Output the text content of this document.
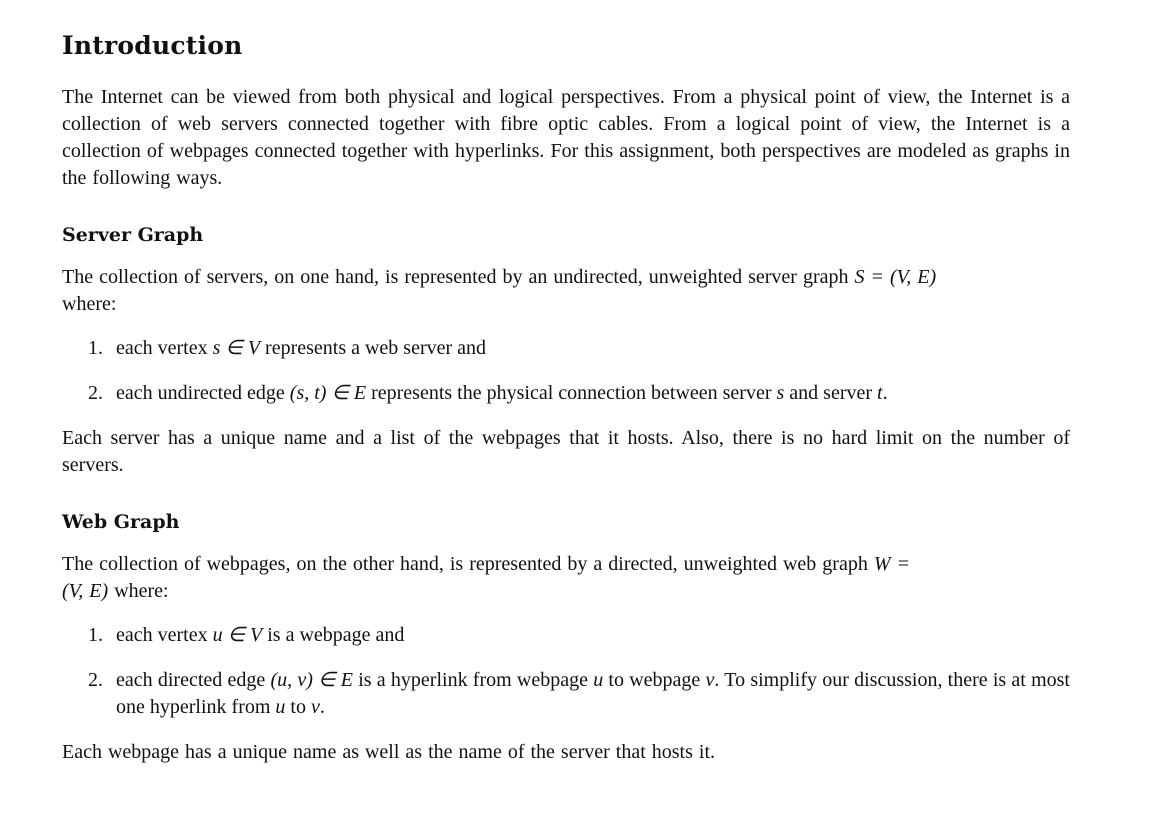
Introduction

The Internet can be viewed from both physical and logical perspectives. From a physical point of view, the Internet is a collection of web servers connected together with fibre optic cables. From a logical point of view, the Internet is a collection of webpages connected together with hyperlinks. For this assignment, both perspectives are modeled as graphs in the following ways.

Server Graph

The collection of servers, on one hand, is represented by an undirected, unweighted server graph S = (V, E)
where:

1. each vertex s ∈ V represents a web server and
2. each undirected edge (s, t) ∈ E represents the physical connection between server s and server t.

Each server has a unique name and a list of the webpages that it hosts. Also, there is no hard limit on the number of servers.

Web Graph

The collection of webpages, on the other hand, is represented by a directed, unweighted web graph W =
(V, E) where:

1. each vertex u ∈ V is a webpage and
2. each directed edge (u, v) ∈ E is a hyperlink from webpage u to webpage v. To simplify our discussion, there is at most one hyperlink from u to v.

Each webpage has a unique name as well as the name of the server that hosts it.
